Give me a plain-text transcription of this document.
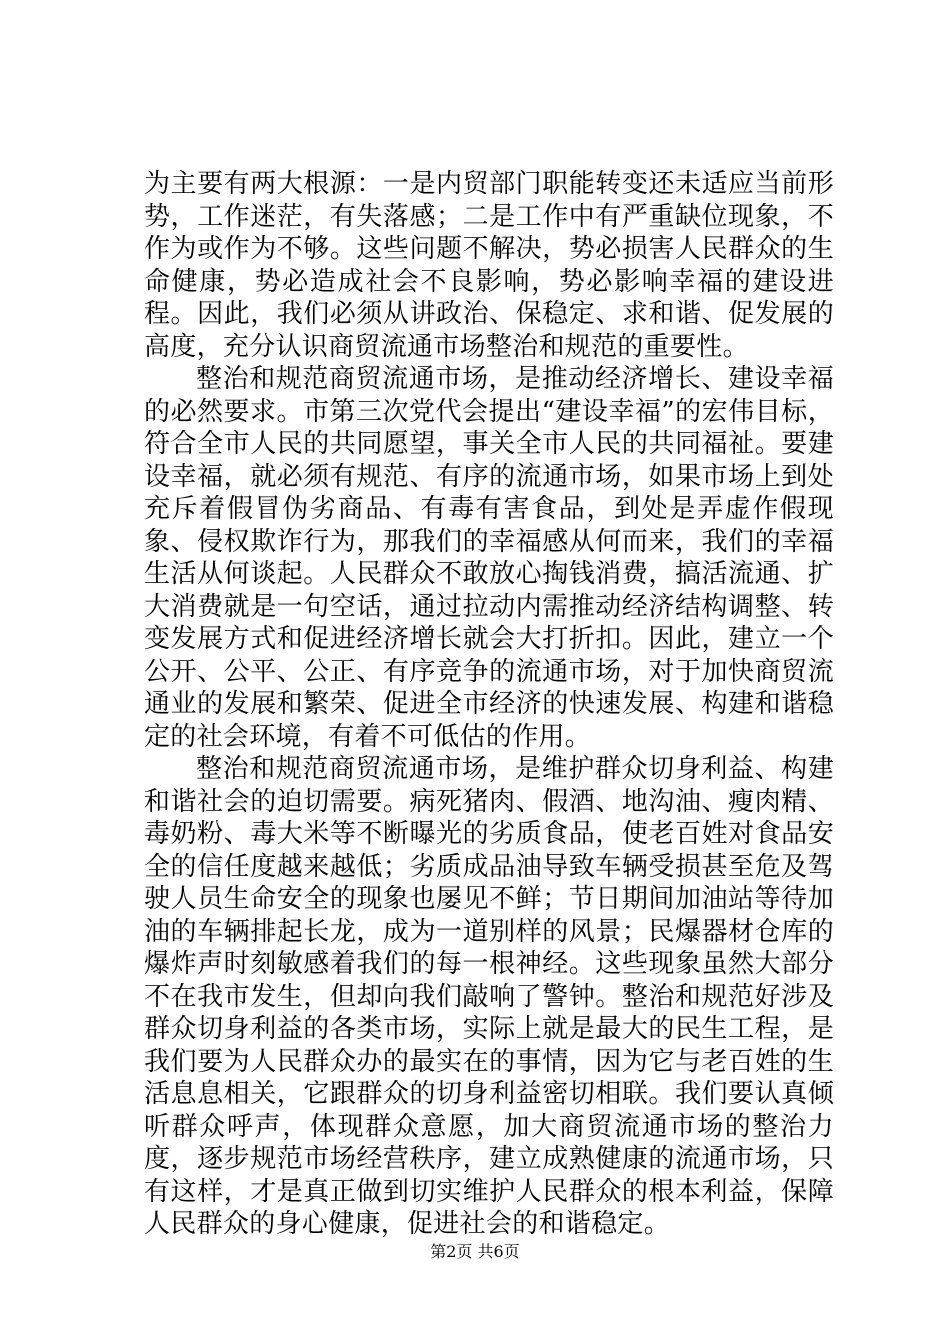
为主要有两大根源：一是内贸部门职能转变还未适应当前形势，工作迷茫，有失落感；二是工作中有严重缺位现象，不作为或作为不够。这些问题不解决，势必损害人民群众的生命健康，势必造成社会不良影响，势必影响幸福的建设进程。因此，我们必须从讲政治、保稳定、求和谐、促发展的高度，充分认识商贸流通市场整治和规范的重要性。

整治和规范商贸流通市场，是推动经济增长、建设幸福的必然要求。市第三次党代会提出“建设幸福”的宏伟目标，符合全市人民的共同愿望，事关全市人民的共同福祉。要建设幸福，就必须有规范、有序的流通市场，如果市场上到处充斥着假冒伪劣商品、有毒有害食品，到处是弄虚作假现象、侵权欺诈行为，那我们的幸福感从何而来，我们的幸福生活从何谈起。人民群众不敢放心掏钱消费，搞活流通、扩大消费就是一句空话，通过拉动内需推动经济结构调整、转变发展方式和促进经济增长就会大打折扣。因此，建立一个公开、公平、公正、有序竞争的流通市场，对于加快商贸流通业的发展和繁荣、促进全市经济的快速发展、构建和谐稳定的社会环境，有着不可低估的作用。

整治和规范商贸流通市场，是维护群众切身利益、构建和谐社会的迫切需要。病死猪肉、假酒、地沟油、瘦肉精、毒奶粉、毒大米等不断曝光的劣质食品，使老百姓对食品安全的信任度越来越低；劣质成品油导致车辆受损甚至危及驾驶人员生命安全的现象也屡见不鲜；节日期间加油站等待加油的车辆排起长龙，成为一道别样的风景；民爆器材仓库的爆炸声时刻敏感着我们的每一根神经。这些现象虽然大部分不在我市发生，但却向我们敲响了警钟。整治和规范好涉及群众切身利益的各类市场，实际上就是最大的民生工程，是我们要为人民群众办的最实在的事情，因为它与老百姓的生活息息相关，它跟群众的切身利益密切相联。我们要认真倾听群众呼声，体现群众意愿，加大商贸流通市场的整治力度，逐步规范市场经营秩序，建立成熟健康的流通市场，只有这样，才是真正做到切实维护人民群众的根本利益，保障人民群众的身心健康，促进社会的和谐稳定。

第2页 共6页
